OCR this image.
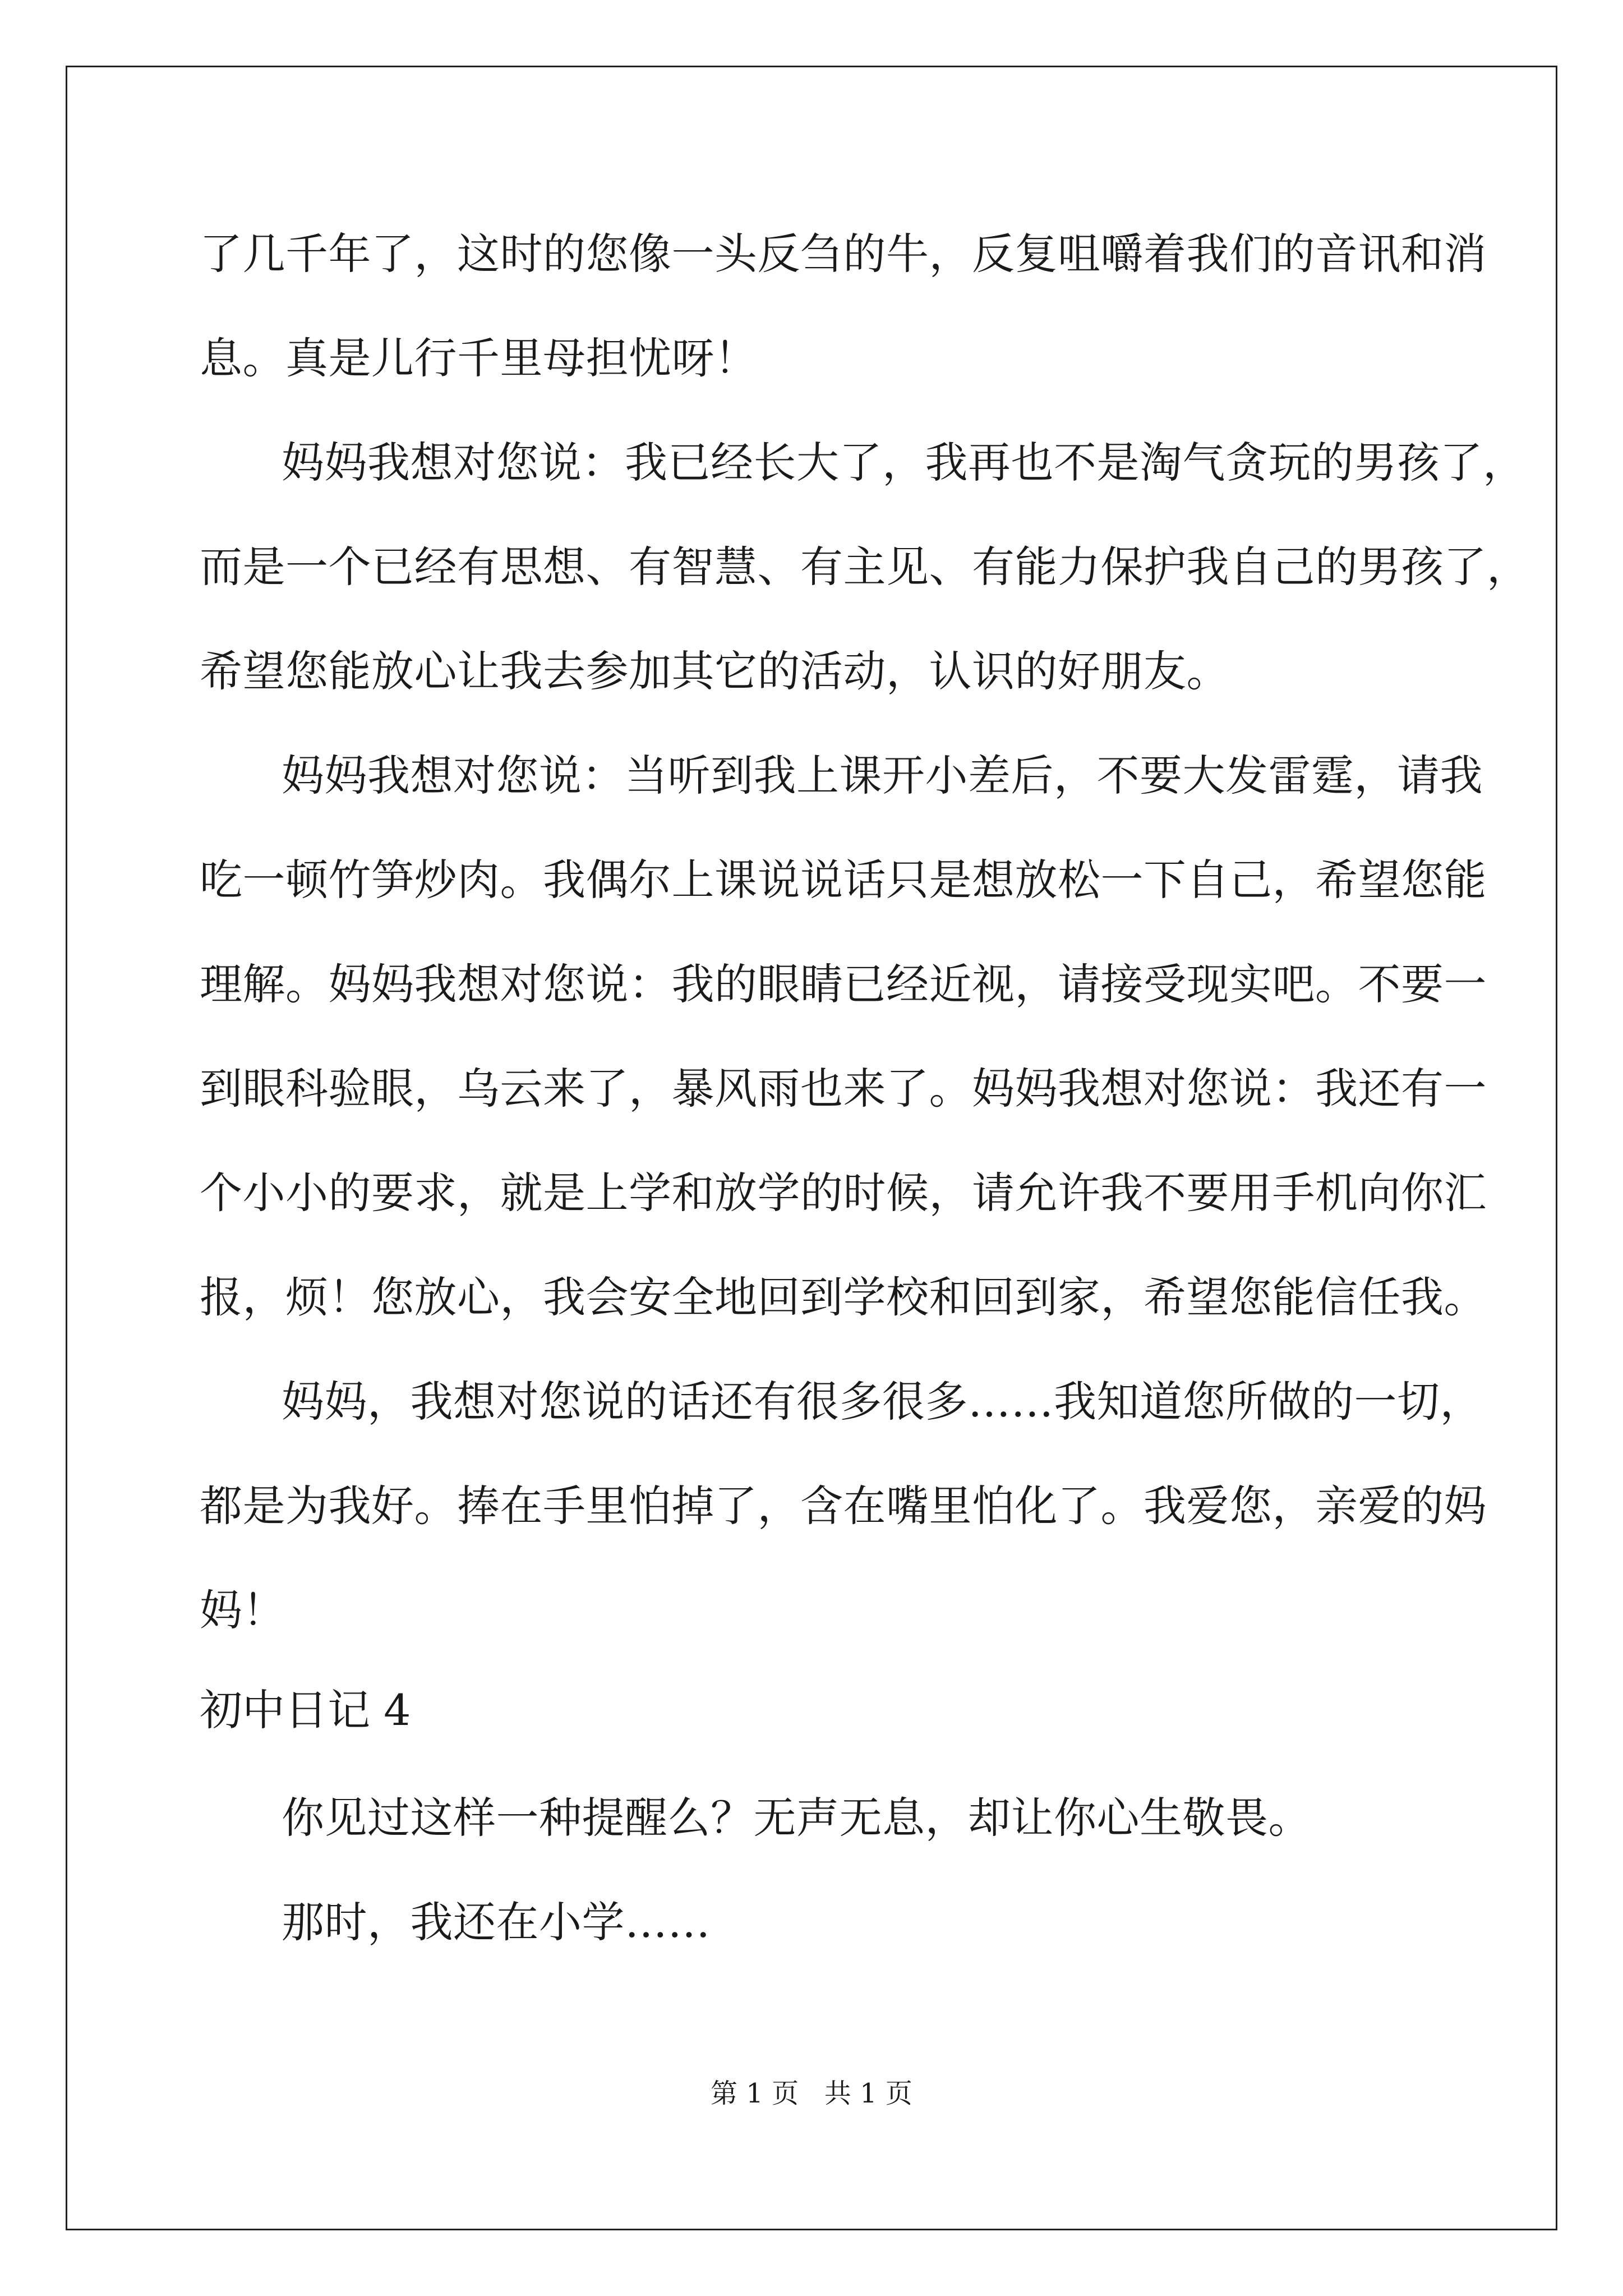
了几千年了，这时的您像一头反刍的牛，反复咀嚼着我们的音讯和消
息。真是儿行千里母担忧呀！
妈妈我想对您说：我已经长大了，我再也不是淘气贪玩的男孩了，
而是一个已经有思想、有智慧、有主见、有能力保护我自己的男孩了，
希望您能放心让我去参加其它的活动，认识的好朋友。
妈妈我想对您说：当听到我上课开小差后，不要大发雷霆，请我
吃一顿竹笋炒肉。我偶尔上课说说话只是想放松一下自己，希望您能
理解。妈妈我想对您说：我的眼睛已经近视，请接受现实吧。不要一
到眼科验眼，乌云来了，暴风雨也来了。妈妈我想对您说：我还有一
个小小的要求，就是上学和放学的时候，请允许我不要用手机向你汇
报，烦！您放心，我会安全地回到学校和回到家，希望您能信任我。
妈妈，我想对您说的话还有很多很多……我知道您所做的一切，
都是为我好。捧在手里怕掉了，含在嘴里怕化了。我爱您，亲爱的妈
妈！
初中日记 4
你见过这样一种提醒么？无声无息，却让你心生敬畏。
那时，我还在小学……
第 1 页   共 1 页
